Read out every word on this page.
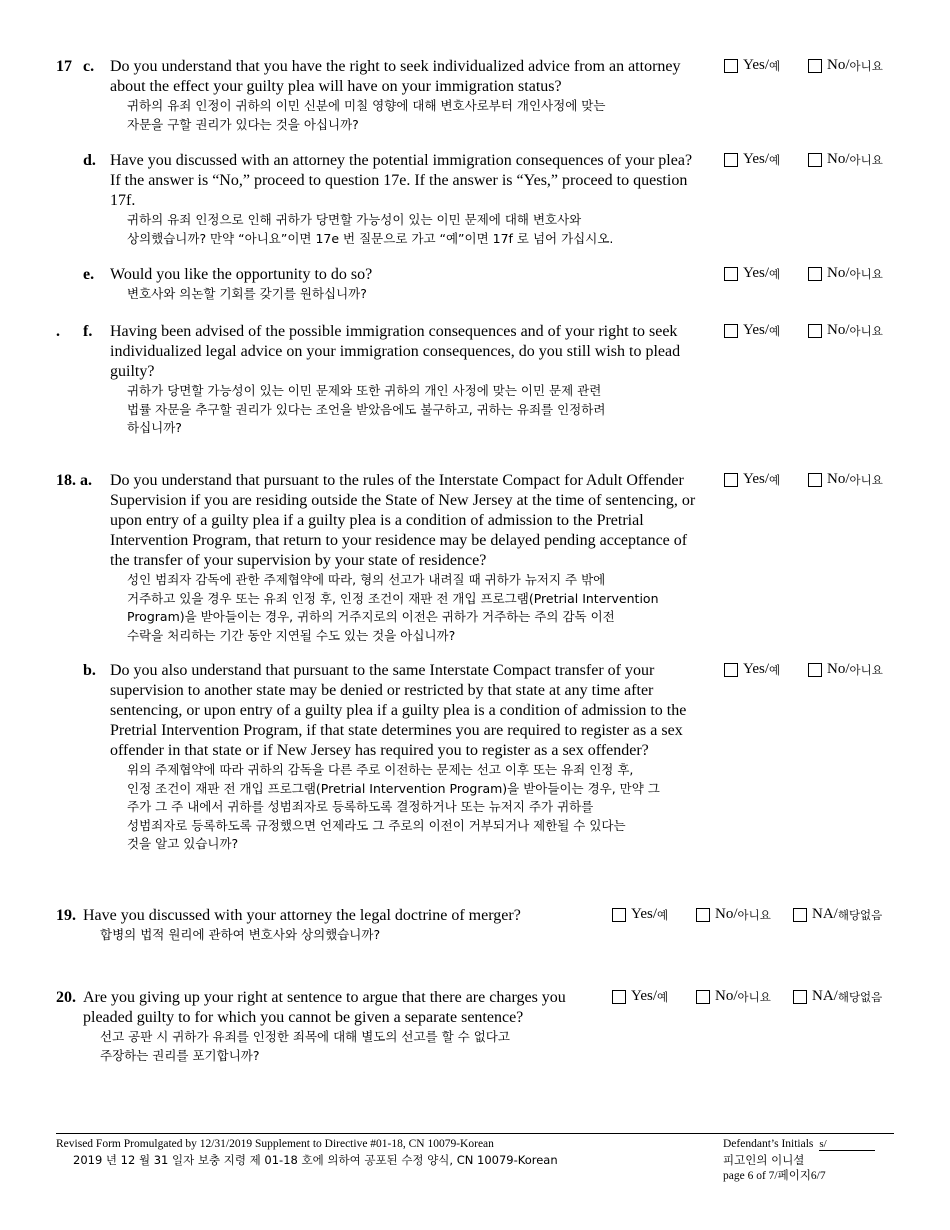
17 c. Do you understand that you have the right to seek individualized advice from an attorney about the effect your guilty plea will have on your immigration status?
귀하의 유죄 인정이 귀하의 이민 신분에 미칠 영향에 대해 변호사로부터 개인사정에 맞는
자문을 구할 권리가 있다는 것을 아십니까?
Yes/ 예	No/ 아니요
d. Have you discussed with an attorney the potential immigration consequences of your plea? If the answer is “No,” proceed to question 17e. If the answer is “Yes,” proceed to question 17f.
귀하의 유죄 인정으로 인해 귀하가 당면할 가능성이 있는 이민 문제에 대해 변호사와
상의했습니까? 만약 “아니요”이면 17e 번 질문으로 가고 “예”이면 17f 로 넘어 가십시오.
Yes/ 예	No/ 아니요
e. Would you like the opportunity to do so?
변호사와 의논할 기회를 갖기를 원하십니까?
Yes/ 예	No/ 아니요
. f. Having been advised of the possible immigration consequences and of your right to seek individualized legal advice on your immigration consequences, do you still wish to plead guilty?
귀하가 당면할 가능성이 있는 이민 문제와 또한 귀하의 개인 사정에 맞는 이민 문제 관련
법률 자문을 추구할 권리가 있다는 조언을 받았음에도 불구하고, 귀하는 유죄를 인정하려
하십니까?
Yes/ 예	No/ 아니요
18. a. Do you understand that pursuant to the rules of the Interstate Compact for Adult Offender Supervision if you are residing outside the State of New Jersey at the time of sentencing, or upon entry of a guilty plea if a guilty plea is a condition of admission to the Pretrial Intervention Program, that return to your residence may be delayed pending acceptance of the transfer of your supervision by your state of residence?
성인 범죄자 감독에 관한 주제협약에 따라, 형의 선고가 내려질 때 귀하가 뉴저지 주 밖에
거주하고 있을 경우 또는 유죄 인정 후, 인정 조건이 재판 전 개입 프로그램(Pretrial Intervention
Program)을 받아들이는 경우, 귀하의 거주지로의 이전은 귀하가 거주하는 주의 감독 이전
수락을 처리하는 기간 동안 지연될 수도 있는 것을 아십니까?
Yes/ 예	No/ 아니요
b. Do you also understand that pursuant to the same Interstate Compact transfer of your supervision to another state may be denied or restricted by that state at any time after sentencing, or upon entry of a guilty plea if a guilty plea is a condition of admission to the Pretrial Intervention Program, if that state determines you are required to register as a sex offender in that state or if New Jersey has required you to register as a sex offender?
위의 주제협약에 따라 귀하의 감독을 다른 주로 이전하는 문제는 선고 이후 또는 유죄 인정 후,
인정 조건이 재판 전 개입 프로그램(Pretrial Intervention Program)을 받아들이는 경우, 만약 그
주가 그 주 내에서 귀하를 성범죄자로 등록하도록 결정하거나 또는 뉴저지 주가 귀하를
성범죄자로 등록하도록 규정했으면 언제라도 그 주로의 이전이 거부되거나 제한될 수 있다는
것을 알고 있습니까?
Yes/ 예	No/ 아니요
19. Have you discussed with your attorney the legal doctrine of merger?
합병의 법적 원리에 관하여 변호사와 상의했습니까?
Yes/ 예	No/ 아니요	NA/ 해당없음
20. Are you giving up your right at sentence to argue that there are charges you pleaded guilty to for which you cannot be given a separate sentence?
선고 공판 시 귀하가 유죄를 인정한 죄목에 대해 별도의 선고를 할 수 없다고
주장하는 권리를 포기합니까?
Yes/ 예	No/ 아니요	NA/ 해당없음
Revised Form Promulgated by 12/31/2019 Supplement to Directive #01-18, CN 10079-Korean
2019 년 12 월 31 일자 보충 지령 제 01-18 호에 의하여 공포된 수정 양식, CN 10079-Korean
Defendant’s Initials s/
피고인의 이니셜
page 6 of 7/페이지6/7
